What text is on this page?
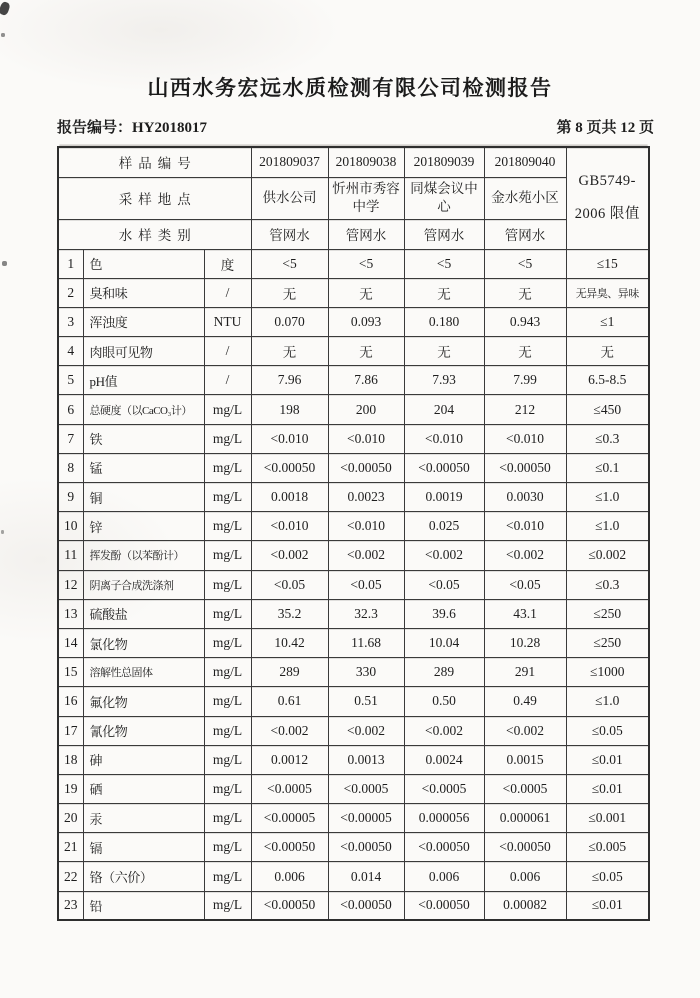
山西水务宏远水质检测有限公司检测报告
报告编号：HY2018017	第 8 页共 12 页
样品编号			201809037	201809038	201809039	201809040	GB5749-
2006 限值

采样地点			供水公司	忻州市秀容中学	同煤会议中心	金水苑小区	
水样类别			管网水	管网水	管网水	管网水	
1	色	度	<5	<5	<5	<5	≤15
2	臭和味	/	无	无	无	无	无异臭、异味
3	浑浊度	NTU	0.070	0.093	0.180	0.943	≤1
4	肉眼可见物	/	无	无	无	无	无
5	pH值	/	7.96	7.86	7.93	7.99	6.5-8.5
6	总硬度（以CaCO₃计）	mg/L	198	200	204	212	≤450
7	铁	mg/L	<0.010	<0.010	<0.010	<0.010	≤0.3
8	锰	mg/L	<0.00050	<0.00050	<0.00050	<0.00050	≤0.1
9	铜	mg/L	0.0018	0.0023	0.0019	0.0030	≤1.0
10	锌	mg/L	<0.010	<0.010	0.025	<0.010	≤1.0
11	挥发酚（以苯酚计）	mg/L	<0.002	<0.002	<0.002	<0.002	≤0.002
12	阴离子合成洗涤剂	mg/L	<0.05	<0.05	<0.05	<0.05	≤0.3
13	硫酸盐	mg/L	35.2	32.3	39.6	43.1	≤250
14	氯化物	mg/L	10.42	11.68	10.04	10.28	≤250
15	溶解性总固体	mg/L	289	330	289	291	≤1000
16	氟化物	mg/L	0.61	0.51	0.50	0.49	≤1.0
17	氰化物	mg/L	<0.002	<0.002	<0.002	<0.002	≤0.05
18	砷	mg/L	0.0012	0.0013	0.0024	0.0015	≤0.01
19	硒	mg/L	<0.0005	<0.0005	<0.0005	<0.0005	≤0.01
20	汞	mg/L	<0.00005	<0.00005	0.000056	0.000061	≤0.001
21	镉	mg/L	<0.00050	<0.00050	<0.00050	<0.00050	≤0.005
22	铬（六价）	mg/L	0.006	0.014	0.006	0.006	≤0.05
23	铅	mg/L	<0.00050	<0.00050	<0.00050	0.00082	≤0.01
